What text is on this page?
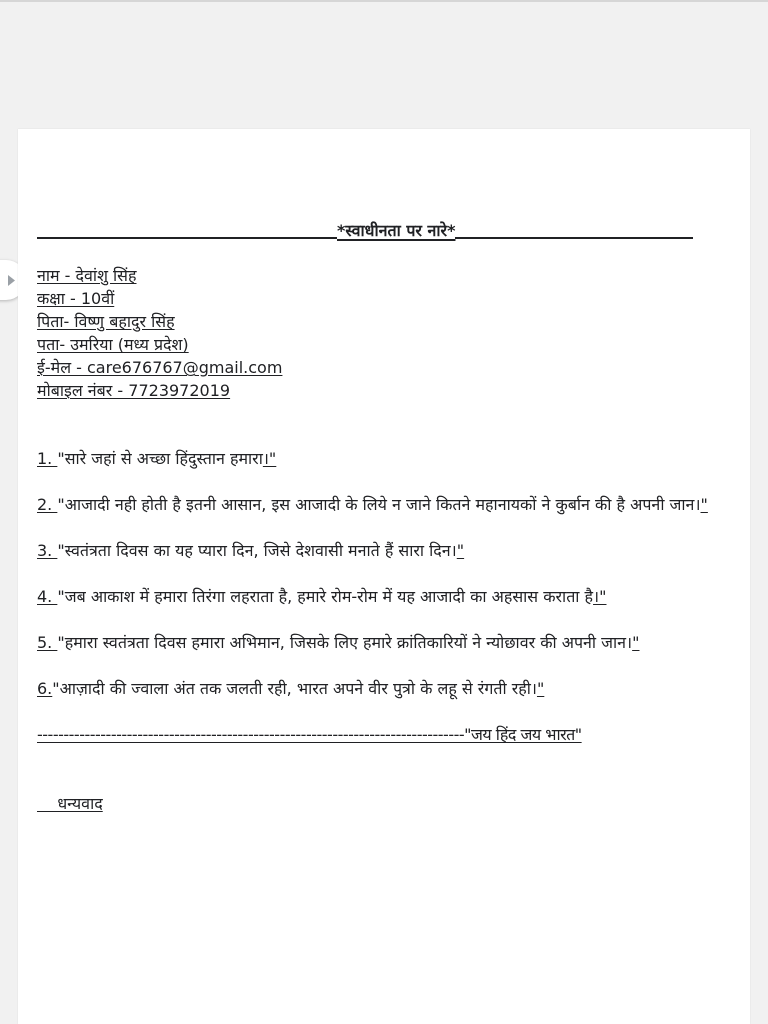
*स्वाधीनता पर नारे*
नाम - देवांशु सिंह
कक्षा - 10वीं
पिता- विष्णु बहादुर सिंह
पता- उमरिया (मध्य प्रदेश)
ई-मेल - care676767@gmail.com
मोबाइल नंबर - 7723972019
1. "सारे जहां से अच्छा हिंदुस्तान हमारा।"
2. "आजादी नही होती है इतनी आसान, इस आजादी के लिये न जाने कितने महानायकों ने कुर्बान की है अपनी जान।"
3. "स्वतंत्रता दिवस का यह प्यारा दिन, जिसे देशवासी मनाते हैं सारा दिन।"
4. "जब आकाश में हमारा तिरंगा लहराता है, हमारे रोम-रोम में यह आजादी का अहसास कराता है।"
5. "हमारा स्वतंत्रता दिवस हमारा अभिमान, जिसके लिए हमारे क्रांतिकारियों ने न्योछावर की अपनी जान।"
6."आज़ादी की ज्वाला अंत तक जलती रही, भारत अपने वीर पुत्रो के लहू से रंगती रही।"
---------------------------------------------------------------------------------"जय हिंद जय भारत"
धन्यवाद
